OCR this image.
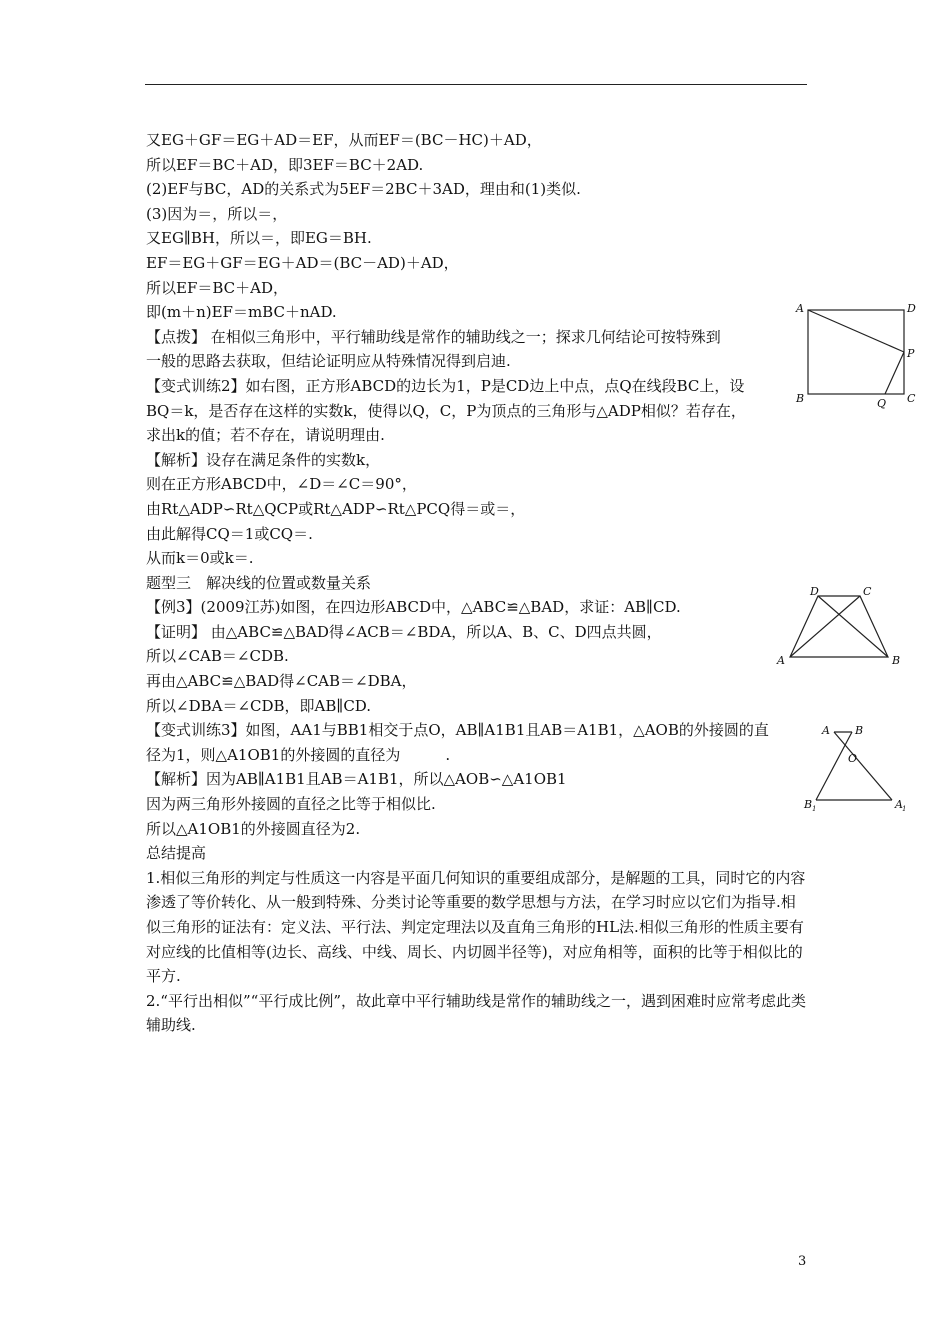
又EG＋GF＝EG＋AD＝EF，从而EF＝(BC－HC)＋AD，
所以EF＝BC＋AD，即3EF＝BC＋2AD.
(2)EF与BC，AD的关系式为5EF＝2BC＋3AD，理由和(1)类似.
(3)因为＝，所以＝，
又EG∥BH，所以＝，即EG＝BH.
EF＝EG＋GF＝EG＋AD＝(BC－AD)＋AD，
所以EF＝BC＋AD，
即(m＋n)EF＝mBC＋nAD.
【点拨】 在相似三角形中，平行辅助线是常作的辅助线之一；探求几何结论可按特殊到
一般的思路去获取，但结论证明应从特殊情况得到启迪.
【变式训练2】如右图，正方形ABCD的边长为1，P是CD边上中点，点Q在线段BC上，设
BQ＝k，是否存在这样的实数k，使得以Q，C，P为顶点的三角形与△ADP相似？若存在，
求出k的值；若不存在，请说明理由.
【解析】设存在满足条件的实数k，
则在正方形ABCD中，∠D＝∠C＝90°，
由Rt△ADP∽Rt△QCP或Rt△ADP∽Rt△PCQ得＝或＝，
由此解得CQ＝1或CQ＝.
从而k＝0或k＝.
题型三　解决线的位置或数量关系
【例3】(2009江苏)如图，在四边形ABCD中，△ABC≌△BAD，求证：AB∥CD.
【证明】 由△ABC≌△BAD得∠ACB＝∠BDA，所以A、B、C、D四点共圆，
所以∠CAB＝∠CDB.
再由△ABC≌△BAD得∠CAB＝∠DBA，
所以∠DBA＝∠CDB，即AB∥CD.
【变式训练3】如图，AA1与BB1相交于点O，AB∥A1B1且AB＝A1B1，△AOB的外接圆的直
径为1，则△A1OB1的外接圆的直径为　　　.
【解析】因为AB∥A1B1且AB＝A1B1，所以△AOB∽△A1OB1
因为两三角形外接圆的直径之比等于相似比.
所以△A1OB1的外接圆直径为2.
总结提高
1.相似三角形的判定与性质这一内容是平面几何知识的重要组成部分，是解题的工具，同时它的内容渗透了等价转化、从一般到特殊、分类讨论等重要的数学思想与方法，在学习时应以它们为指导.相似三角形的证法有：定义法、平行法、判定定理法以及直角三角形的HL法.相似三角形的性质主要有对应线的比值相等(边长、高线、中线、周长、内切圆半径等)，对应角相等，面积的比等于相似比的平方.
2.“平行出相似”“平行成比例”，故此章中平行辅助线是常作的辅助线之一，遇到困难时应常考虑此类辅助线.
A	D
P
B	Q C
D	C
A	B
A B
O
B 1	A 1
3
